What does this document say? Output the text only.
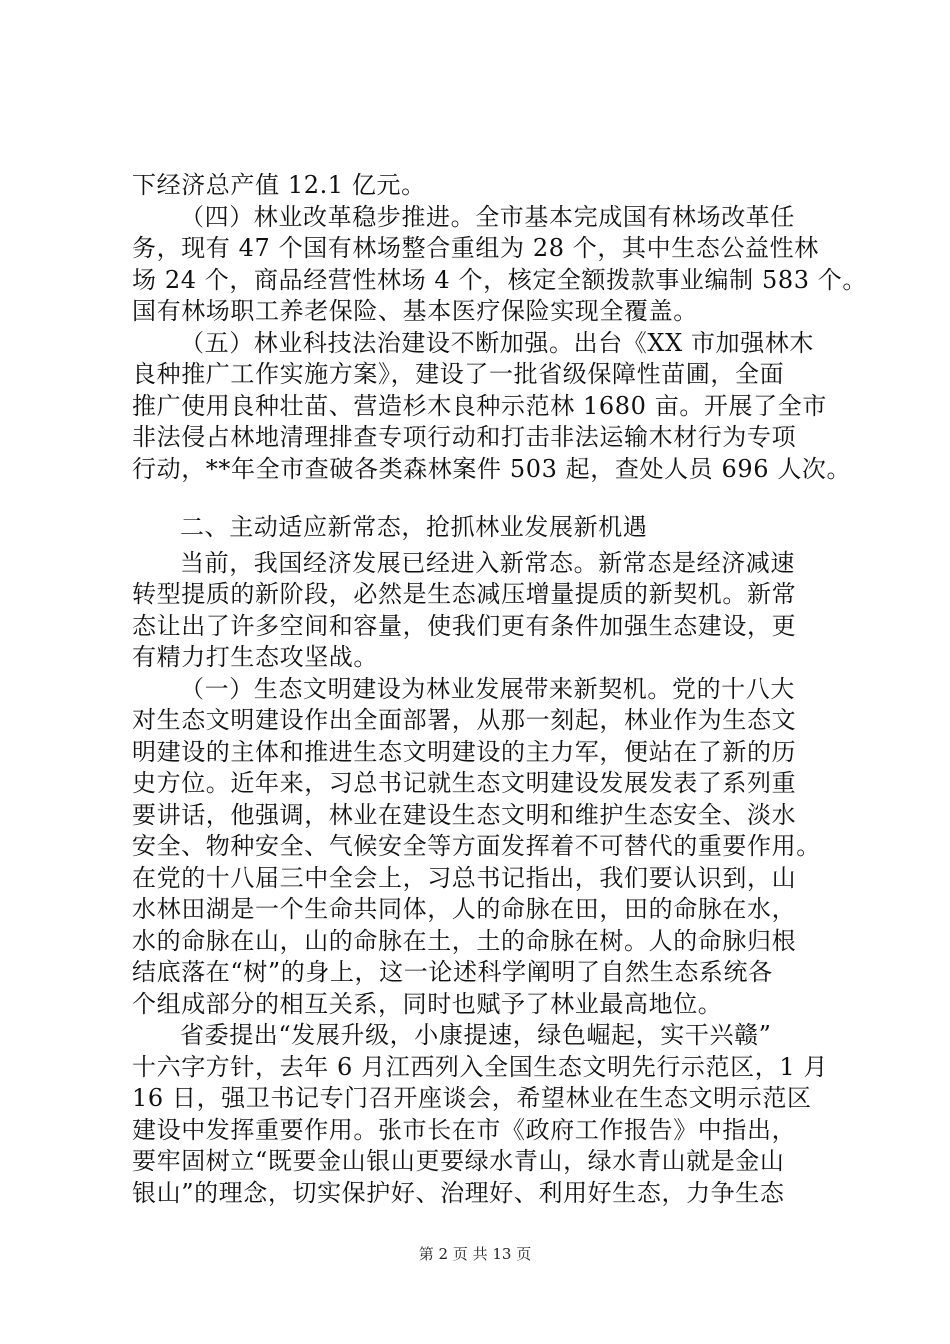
下经济总产值 12.1 亿元。
（四）林业改革稳步推进。全市基本完成国有林场改革任
务，现有 47 个国有林场整合重组为 28 个，其中生态公益性林
场 24 个，商品经营性林场 4 个，核定全额拨款事业编制 583 个。
国有林场职工养老保险、基本医疗保险实现全覆盖。
（五）林业科技法治建设不断加强。出台《XX 市加强林木
良种推广工作实施方案》，建设了一批省级保障性苗圃，全面
推广使用良种壮苗、营造杉木良种示范林 1680 亩。开展了全市
非法侵占林地清理排查专项行动和打击非法运输木材行为专项
行动，**年全市查破各类森林案件 503 起，查处人员 696 人次。
二、主动适应新常态，抢抓林业发展新机遇
当前，我国经济发展已经进入新常态。新常态是经济减速
转型提质的新阶段，必然是生态减压增量提质的新契机。新常
态让出了许多空间和容量，使我们更有条件加强生态建设，更
有精力打生态攻坚战。
（一）生态文明建设为林业发展带来新契机。党的十八大
对生态文明建设作出全面部署，从那一刻起，林业作为生态文
明建设的主体和推进生态文明建设的主力军，便站在了新的历
史方位。近年来，习总书记就生态文明建设发展发表了系列重
要讲话，他强调，林业在建设生态文明和维护生态安全、淡水
安全、物种安全、气候安全等方面发挥着不可替代的重要作用。
在党的十八届三中全会上，习总书记指出，我们要认识到，山
水林田湖是一个生命共同体，人的命脉在田，田的命脉在水，
水的命脉在山，山的命脉在土，土的命脉在树。人的命脉归根
结底落在“树”的身上，这一论述科学阐明了自然生态系统各
个组成部分的相互关系，同时也赋予了林业最高地位。
省委提出“发展升级，小康提速，绿色崛起，实干兴赣”
十六字方针，去年 6 月江西列入全国生态文明先行示范区，1 月
16 日，强卫书记专门召开座谈会，希望林业在生态文明示范区
建设中发挥重要作用。张市长在市《政府工作报告》中指出，
要牢固树立“既要金山银山更要绿水青山，绿水青山就是金山
银山”的理念，切实保护好、治理好、利用好生态，力争生态
第 2 页 共 13 页
